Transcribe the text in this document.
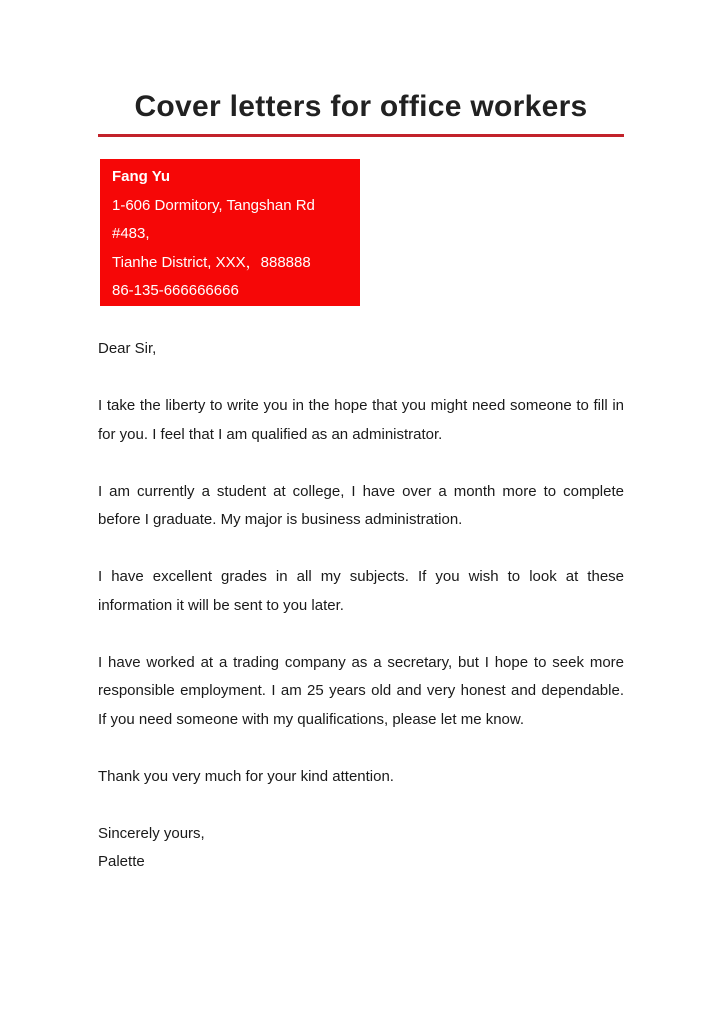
Cover letters for office workers
Fang Yu
1-606 Dormitory, Tangshan Rd #483,
Tianhe District, XXX，888888
86-135-666666666
Dec,9th 20XX
Dear Sir,
I take the liberty to write you in the hope that you might need someone to fill in
for you. I feel that I am qualified as an administrator.
I am currently a student at college, I have over a month more to complete
before I graduate. My major is business administration.
I have excellent grades in all my subjects. If you wish to look at these
information it will be sent to you later.
I have worked at a trading company as a secretary, but I hope to seek more
responsible employment. I am 25 years old and very honest and dependable.
If you need someone with my qualifications, please let me know.
Thank you very much for your kind attention.
Sincerely yours,
Palette
